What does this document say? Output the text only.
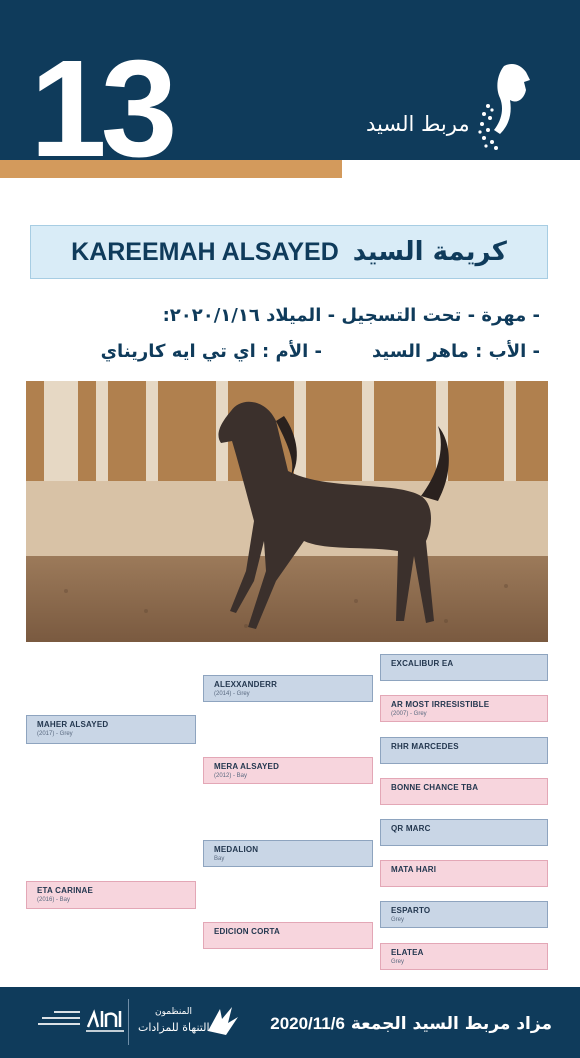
13	مربط السيد
KAREEMAH ALSAYED كريمة السيد
- مهرة - تحت التسجيل - الميلاد ٢٠٢٠/١/١٦:
- الأب : ماهر السيد- الأم : اي تي ايه كاريناي
MAHER ALSAYED
(2017) - Grey
ETA CARINAE
(2016) - Bay
ALEXXANDERR
(2014) - Grey
MERA ALSAYED
(2012) - Bay
MEDALION
Bay
EDICION CORTA
EXCALIBUR EA
AR MOST IRRESISTIBLE
(2007) - Grey
RHR MARCEDES
BONNE CHANCE TBA
QR MARC
MATA HARI
ESPARTO
Grey
ELATEA
Grey
المنظمون
التنهاة للمزادات	مزاد مربط السيد الجمعة 2020/11/6
